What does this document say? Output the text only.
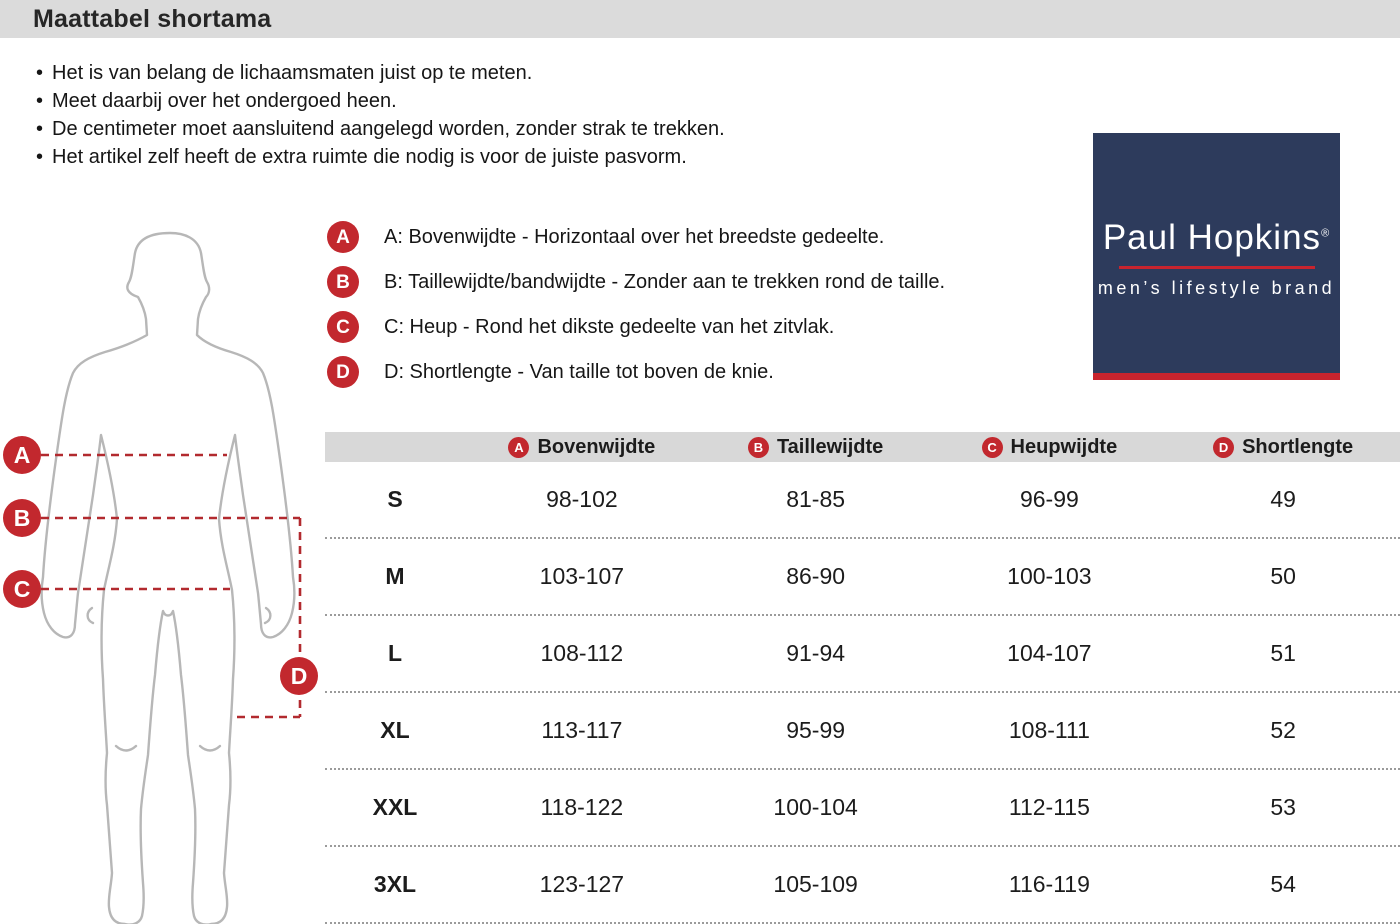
Maattabel shortama
• Het is van belang de lichaamsmaten juist op te meten.
• Meet daarbij over het ondergoed heen.
• De centimeter moet aansluitend aangelegd worden, zonder strak te trekken.
• Het artikel zelf heeft de extra ruimte die nodig is voor de juiste pasvorm.
A
B
C
D
A	A: Bovenwijdte - Horizontaal over het breedste gedeelte.
B	B: Taillewijdte/bandwijdte - Zonder aan te trekken rond de taille.
C	C: Heup - Rond het dikste gedeelte van het zitvlak.
D	D: Shortlengte - Van taille tot boven de knie.
Paul Hopkins®
men’s lifestyle brand
A Bovenwijdte	B Taillewijdte	C Heupwijdte	D Shortlengte
S	98-102	81-85	96-99	49
M	103-107	86-90	100-103	50
L	108-112	91-94	104-107	51
XL	113-117	95-99	108-111	52
XXL	118-122	100-104	112-115	53
3XL	123-127	105-109	116-119	54
